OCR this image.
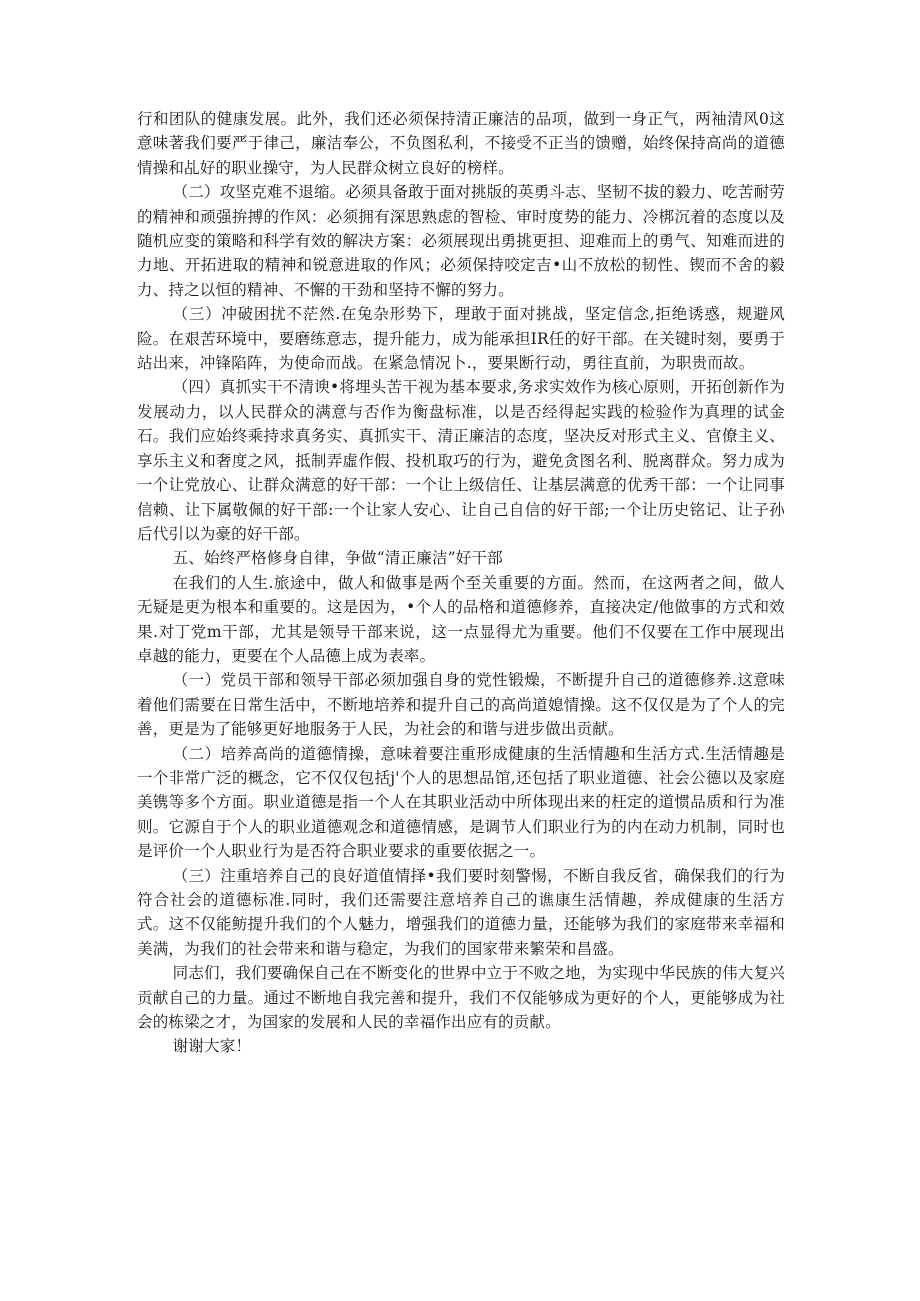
行和团队的健康发展。此外，我们还必须保持清正廉洁的品项，做到一身正气，两袖清风0这意味著我们要严于律己，廉洁奉公，不负图私利，不接受不正当的馈赠，始终保持高尚的道德情操和乩好的职业操守，为人民群众树立良好的榜样。

（二）攻坚克难不退缩。必须具备敢于面对挑版的英勇斗志、坚韧不拔的毅力、吃苦耐劳的精神和顽强拚搏的作风：必须拥有深思熟虑的智检、审时度势的能力、冷梆沉着的态度以及随机应变的策略和科学有效的解决方案：必须展现出勇挑更担、迎难而上的勇气、知难而进的力地、开拓进取的精神和锐意进取的作风；必须保持咬定吉•山不放松的韧性、锲而不舍的毅力、持之以恒的精神、不懈的干劲和坚持不懈的努力。

（三）冲破困扰不茫然.在兔杂形势下，理敢于面对挑战，坚定信念,拒绝诱惑，规避风险。在艰苦环境中，要磨练意志，提升能力，成为能承担IR任的好干部。在关键时刻，要勇于站出来，冲锋陷阵，为使命而战。在紧急情况卜.，要果断行动，勇往直前，为职贵而故。

（四）真抓实干不清谀•将埋头苦干视为基本要求,务求实效作为核心原则，开拓创新作为发展动力，以人民群众的满意与否作为衡盘标准，以是否经得起实践的检验作为真理的试金石。我们应始终乘持求真务实、真抓实干、清正廉洁的态度，坚决反对形式主义、官僚主义、享乐主义和奢度之风，抵制弄虛作假、投机取巧的行为，避免贪图名利、脱离群众。努力成为一个让党放心、让群众满意的好干部：一个让上级信任、让基层满意的优秀干部：一个让同事信赖、让下属敬佩的好干部:一个让家人安心、让自己自信的好干部;一个让历史铭记、让子孙后代引以为豪的好干部。

五、始终严格修身自律，争做“清正廉洁”好干部

在我们的人生.旅途中，做人和做事是两个至关重要的方面。然而，在这两者之间，做人无疑是更为根本和重要的。这是因为，•个人的品格和道德修养，直接决定/他做事的方式和效果.对丁党m干部，尤其是领导干部来说，这一点显得尤为重要。他们不仅要在工作中展现出卓越的能力，更要在个人品德上成为表率。

（一）党员干部和领导干部必须加强自身的党性锻燥，不断提升自己的道德修养.这意味着他们需要在日常生活中，不断地培养和提升自己的高尚道媳情操。这不仅仅是为了个人的完善，更是为了能够更好地服务于人民，为社会的和谐与进步做出贡献。

（二）培养高尚的道德情操，意味着要注重形成健康的生活情趣和生活方式.生活情趣是一个非常广泛的概念，它不仅仅包括j'个人的思想品馆,还包括了职业道德、社会公德以及家庭美镌等多个方面。职业道德是指一个人在其职业活动中所体现出来的枉定的道惯品质和行为准则。它源自于个人的职业道德观念和道德情感，是调节人们职业行为的内在动力机制，同时也是评价一个人职业行为是否符合职业要求的重要依据之一。

（三）注重培养自己的良好道值情择•我们要时刻警惕，不断自我反省，确保我们的行为符合社会的道德标准.同时，我们还需要注意培养自己的谯康生活情趣，养成健康的生活方式。这不仅能鲂提升我们的个人魅力，增强我们的道德力量，还能够为我们的家庭带来幸福和美满，为我们的社会带来和谐与稳定，为我们的国家带来繁荣和昌盛。

同志们，我们要确保自己在不断变化的世界中立于不败之地，为实现中华民族的伟大复兴贡献自己的力量。通过不断地自我完善和提升，我们不仅能够成为更好的个人，更能够成为社会的栋梁之才，为国家的发展和人民的幸福作出应有的贡献。

谢谢大家！
